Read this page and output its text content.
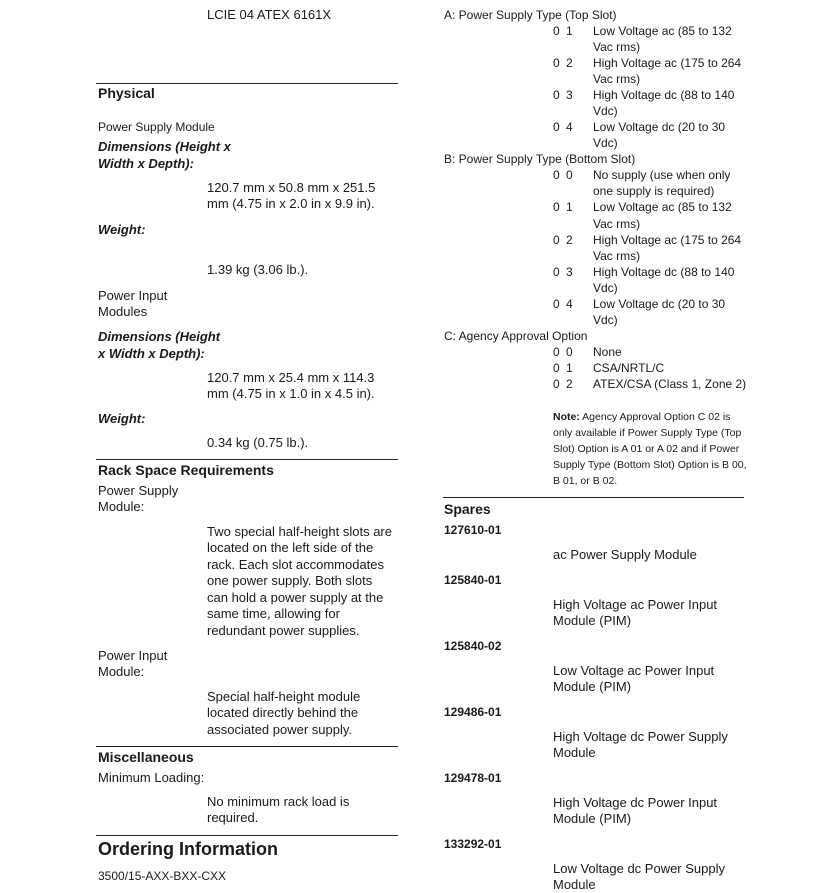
LCIE 04 ATEX 6161X
Physical
Power Supply Module
Dimensions (Height x
Width x Depth):
120.7 mm x 50.8 mm x 251.5
mm (4.75 in x 2.0 in x 9.9 in).
Weight:
1.39 kg (3.06 lb.).
Power Input
Modules
Dimensions (Height
x Width x Depth):
120.7 mm x 25.4 mm x 114.3
mm (4.75 in x 1.0 in x 4.5 in).
Weight:
0.34 kg (0.75 lb.).
Rack Space Requirements
Power Supply
Module:
Two special half-height slots are
located on the left side of the
rack. Each slot accommodates
one power supply. Both slots
can hold a power supply at the
same time, allowing for
redundant power supplies.
Power Input
Module:
Special half-height module
located directly behind the
associated power supply.
Miscellaneous
Minimum Loading:
No minimum rack load is
required.
Ordering Information
3500/15-AXX-BXX-CXX
A: Power Supply Type (Top Slot)
0 1 Low Voltage ac (85 to 132
Vac rms)
0 2 High Voltage ac (175 to 264
Vac rms)
0 3 High Voltage dc (88 to 140
Vdc)
0 4 Low Voltage dc (20 to 30
Vdc)
B: Power Supply Type (Bottom Slot)
0 0 No supply (use when only
one supply is required)
0 1 Low Voltage ac (85 to 132
Vac rms)
0 2 High Voltage ac (175 to 264
Vac rms)
0 3 High Voltage dc (88 to 140
Vdc)
0 4 Low Voltage dc (20 to 30
Vdc)
C: Agency Approval Option
0 0 None
0 1 CSA/NRTL/C
0 2 ATEX/CSA (Class 1, Zone 2)
Note: Agency Approval Option C 02 is
only available if Power Supply Type (Top
Slot) Option is A 01 or A 02 and if Power
Supply Type (Bottom Slot) Option is B 00,
B 01, or B 02.
Spares
127610-01
ac Power Supply Module
125840-01
High Voltage ac Power Input
Module (PIM)
125840-02
Low Voltage ac Power Input
Module (PIM)
129486-01
High Voltage dc Power Supply
Module
129478-01
High Voltage dc Power Input
Module (PIM)
133292-01
Low Voltage dc Power Supply
Module
